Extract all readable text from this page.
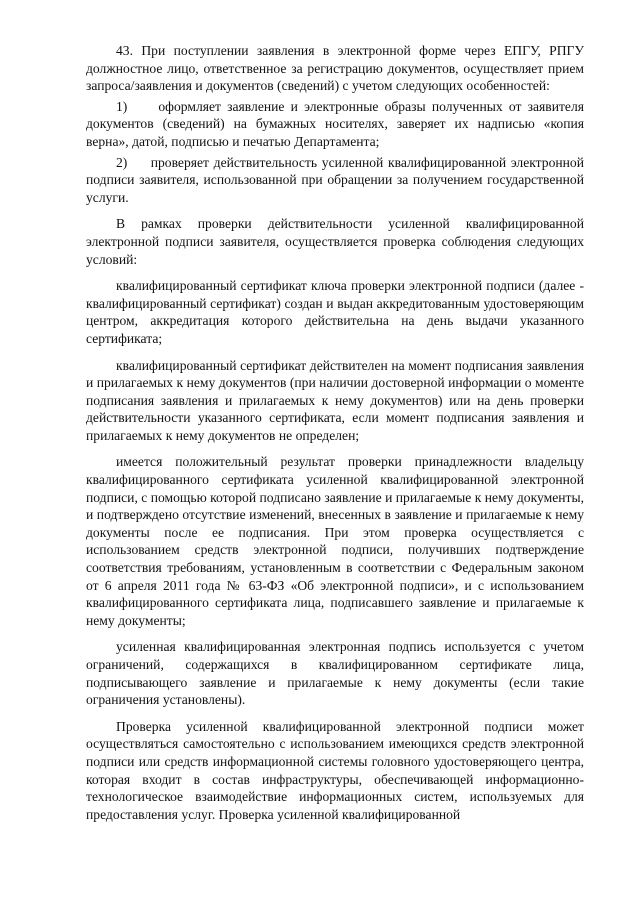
43. При поступлении заявления в электронной форме через ЕПГУ, РПГУ должностное лицо, ответственное за регистрацию документов, осуществляет прием запроса/заявления и документов (сведений) с учетом следующих особенностей:

1)     оформляет заявление и электронные образы полученных от заявителя документов (сведений) на бумажных носителях, заверяет их надписью «копия верна», датой, подписью и печатью Департамента;

2)     проверяет действительность усиленной квалифицированной электронной подписи заявителя, использованной при обращении за получением государственной услуги.

В рамках проверки действительности усиленной квалифицированной электронной подписи заявителя, осуществляется проверка соблюдения следующих условий:

квалифицированный сертификат ключа проверки электронной подписи (далее - квалифицированный сертификат) создан и выдан аккредитованным удостоверяющим центром, аккредитация которого действительна на день выдачи указанного сертификата;

квалифицированный сертификат действителен на момент подписания заявления и прилагаемых к нему документов (при наличии достоверной информации о моменте подписания заявления и прилагаемых к нему документов) или на день проверки действительности указанного сертификата, если момент подписания заявления и прилагаемых к нему документов не определен;

имеется положительный результат проверки принадлежности владельцу квалифицированного сертификата усиленной квалифицированной электронной подписи, с помощью которой подписано заявление и прилагаемые к нему документы, и подтверждено отсутствие изменений, внесенных в заявление и прилагаемые к нему документы после ее подписания. При этом проверка осуществляется с использованием средств электронной подписи, получивших подтверждение соответствия требованиям, установленным в соответствии с Федеральным законом от 6 апреля 2011 года № 63-ФЗ «Об электронной подписи», и с использованием квалифицированного сертификата лица, подписавшего заявление и прилагаемые к нему документы;

усиленная квалифицированная электронная подпись используется с учетом ограничений, содержащихся в квалифицированном сертификате лица, подписывающего заявление и прилагаемые к нему документы (если такие ограничения установлены).

Проверка усиленной квалифицированной электронной подписи может осуществляться самостоятельно с использованием имеющихся средств электронной подписи или средств информационной системы головного удостоверяющего центра, которая входит в состав инфраструктуры, обеспечивающей информационно-технологическое взаимодействие информационных систем, используемых для предоставления услуг. Проверка усиленной квалифицированной
